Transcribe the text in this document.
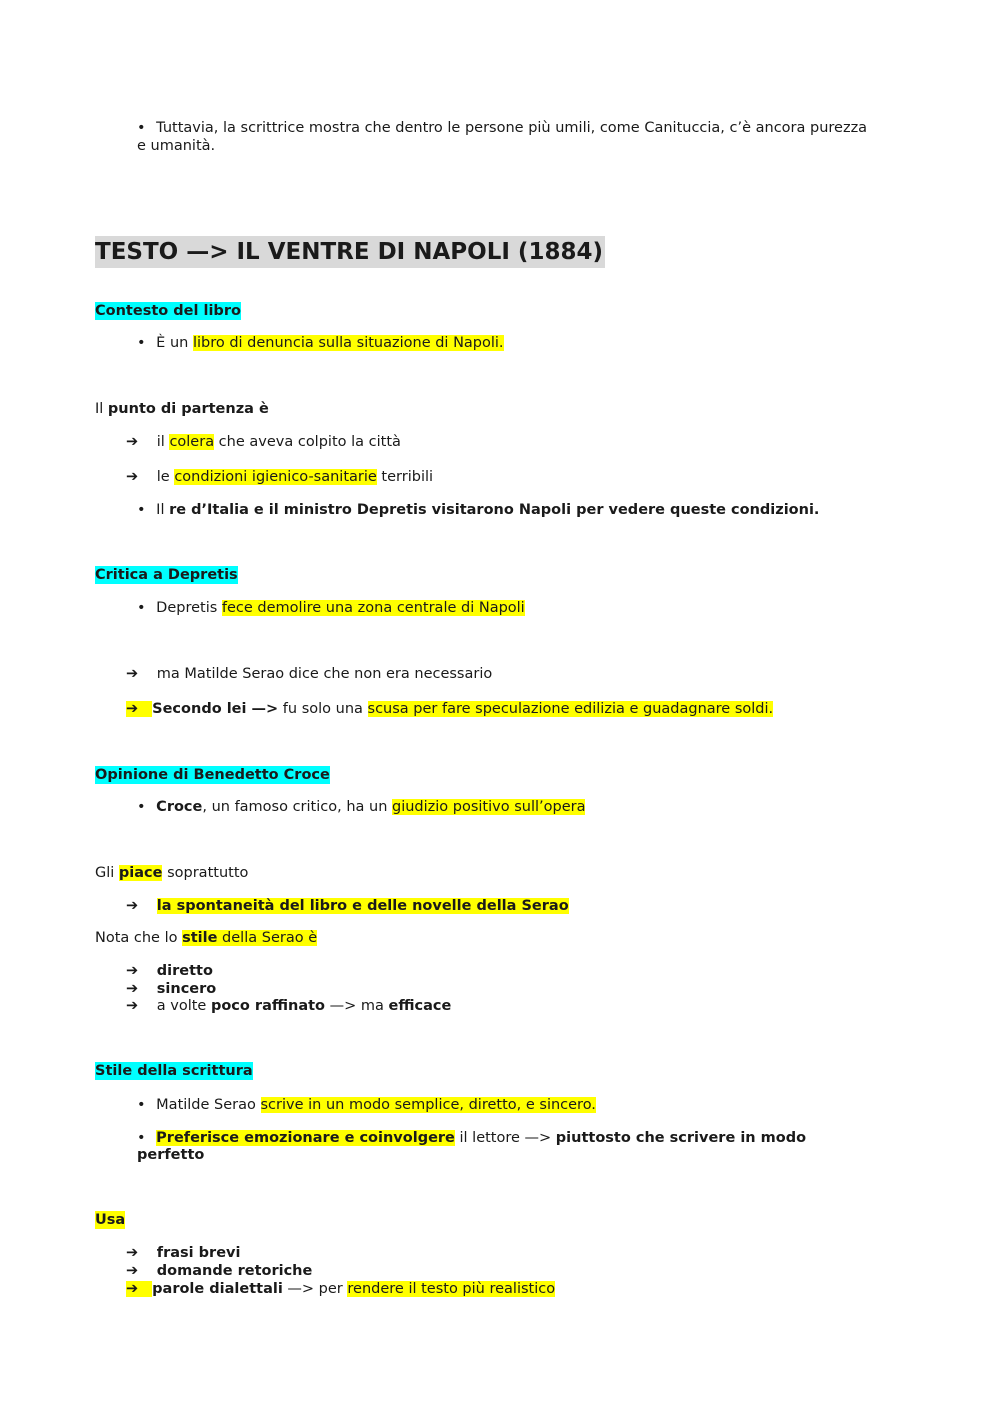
• Tuttavia, la scrittrice mostra che dentro le persone più umili, come Canituccia, c’è ancora purezza
e umanità.
TESTO —> IL VENTRE DI NAPOLI (1884)
Contesto del libro
• È un libro di denuncia sulla situazione di Napoli.
Il punto di partenza è
➔ il colera che aveva colpito la città
➔ le condizioni igienico-sanitarie terribili
• Il re d’Italia e il ministro Depretis visitarono Napoli per vedere queste condizioni.
Critica a Depretis
• Depretis fece demolire una zona centrale di Napoli
➔ ma Matilde Serao dice che non era necessario
➔ Secondo lei —> fu solo una scusa per fare speculazione edilizia e guadagnare soldi.
Opinione di Benedetto Croce
• Croce, un famoso critico, ha un giudizio positivo sull’opera
Gli piace soprattutto
➔ la spontaneità del libro e delle novelle della Serao
Nota che lo stile della Serao è
➔ diretto
➔ sincero
➔ a volte poco raffinato —> ma efficace
Stile della scrittura
• Matilde Serao scrive in un modo semplice, diretto, e sincero.
• Preferisce emozionare e coinvolgere il lettore —> piuttosto che scrivere in modo
perfetto
Usa
➔ frasi brevi
➔ domande retoriche
➔ parole dialettali —> per rendere il testo più realistico
